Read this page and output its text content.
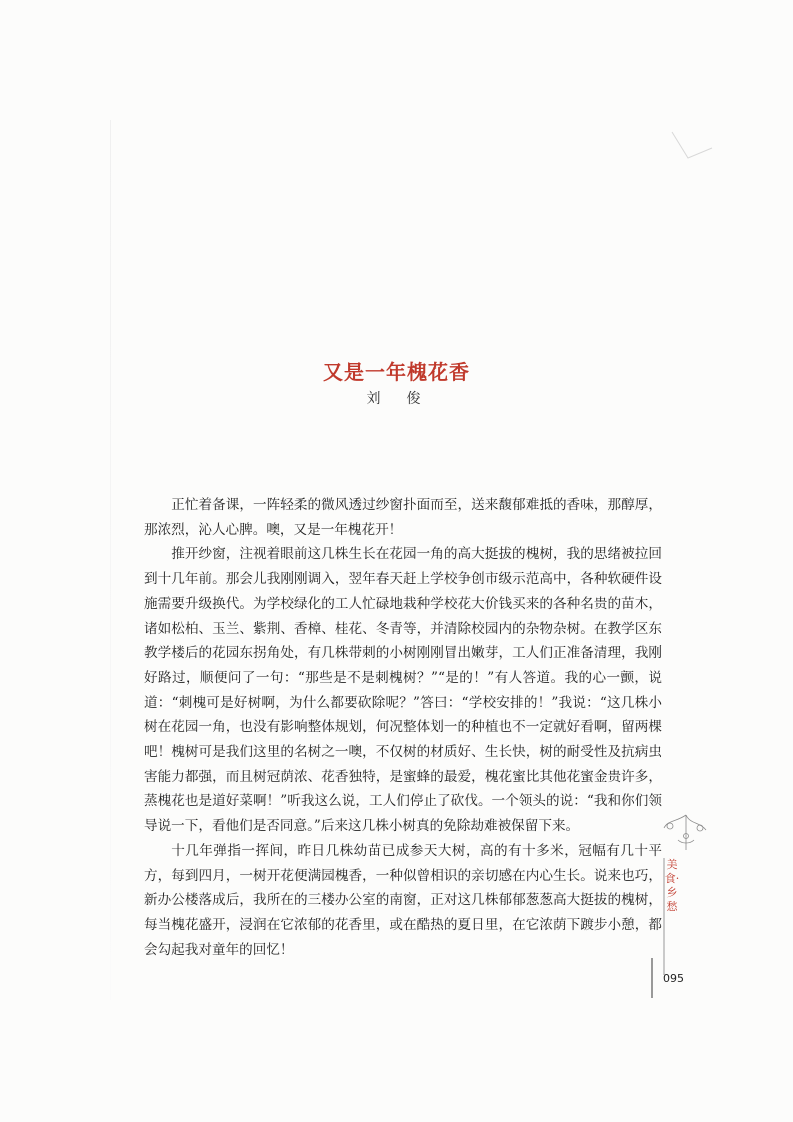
又是一年槐花香
刘　俊

正忙着备课，一阵轻柔的微风透过纱窗扑面而至，送来馥郁难抵的香味，那醇厚，那浓烈，沁人心脾。噢，又是一年槐花开！

推开纱窗，注视着眼前这几株生长在花园一角的高大挺拔的槐树，我的思绪被拉回到十几年前。那会儿我刚刚调入，翌年春天赶上学校争创市级示范高中，各种软硬件设施需要升级换代。为学校绿化的工人忙碌地栽种学校花大价钱买来的各种名贵的苗木，诸如松柏、玉兰、紫荆、香樟、桂花、冬青等，并清除校园内的杂物杂树。在教学区东教学楼后的花园东拐角处，有几株带刺的小树刚刚冒出嫩芽，工人们正准备清理，我刚好路过，顺便问了一句：“那些是不是刺槐树？”“是的！”有人答道。我的心一颤，说道：“刺槐可是好树啊，为什么都要砍除呢？”答曰：“学校安排的！”我说：“这几株小树在花园一角，也没有影响整体规划，何况整体划一的种植也不一定就好看啊，留两棵吧！槐树可是我们这里的名树之一噢，不仅树的材质好、生长快，树的耐受性及抗病虫害能力都强，而且树冠荫浓、花香独特，是蜜蜂的最爱，槐花蜜比其他花蜜金贵许多，蒸槐花也是道好菜啊！”听我这么说，工人们停止了砍伐。一个领头的说：“我和你们领导说一下，看他们是否同意。”后来这几株小树真的免除劫难被保留下来。

十几年弹指一挥间，昨日几株幼苗已成参天大树，高的有十多米，冠幅有几十平方，每到四月，一树开花便满园槐香，一种似曾相识的亲切感在内心生长。说来也巧，新办公楼落成后，我所在的三楼办公室的南窗，正对这几株郁郁葱葱高大挺拔的槐树，每当槐花盛开，浸润在它浓郁的花香里，或在酷热的夏日里，在它浓荫下踱步小憩，都会勾起我对童年的回忆！

美食·乡愁
095
